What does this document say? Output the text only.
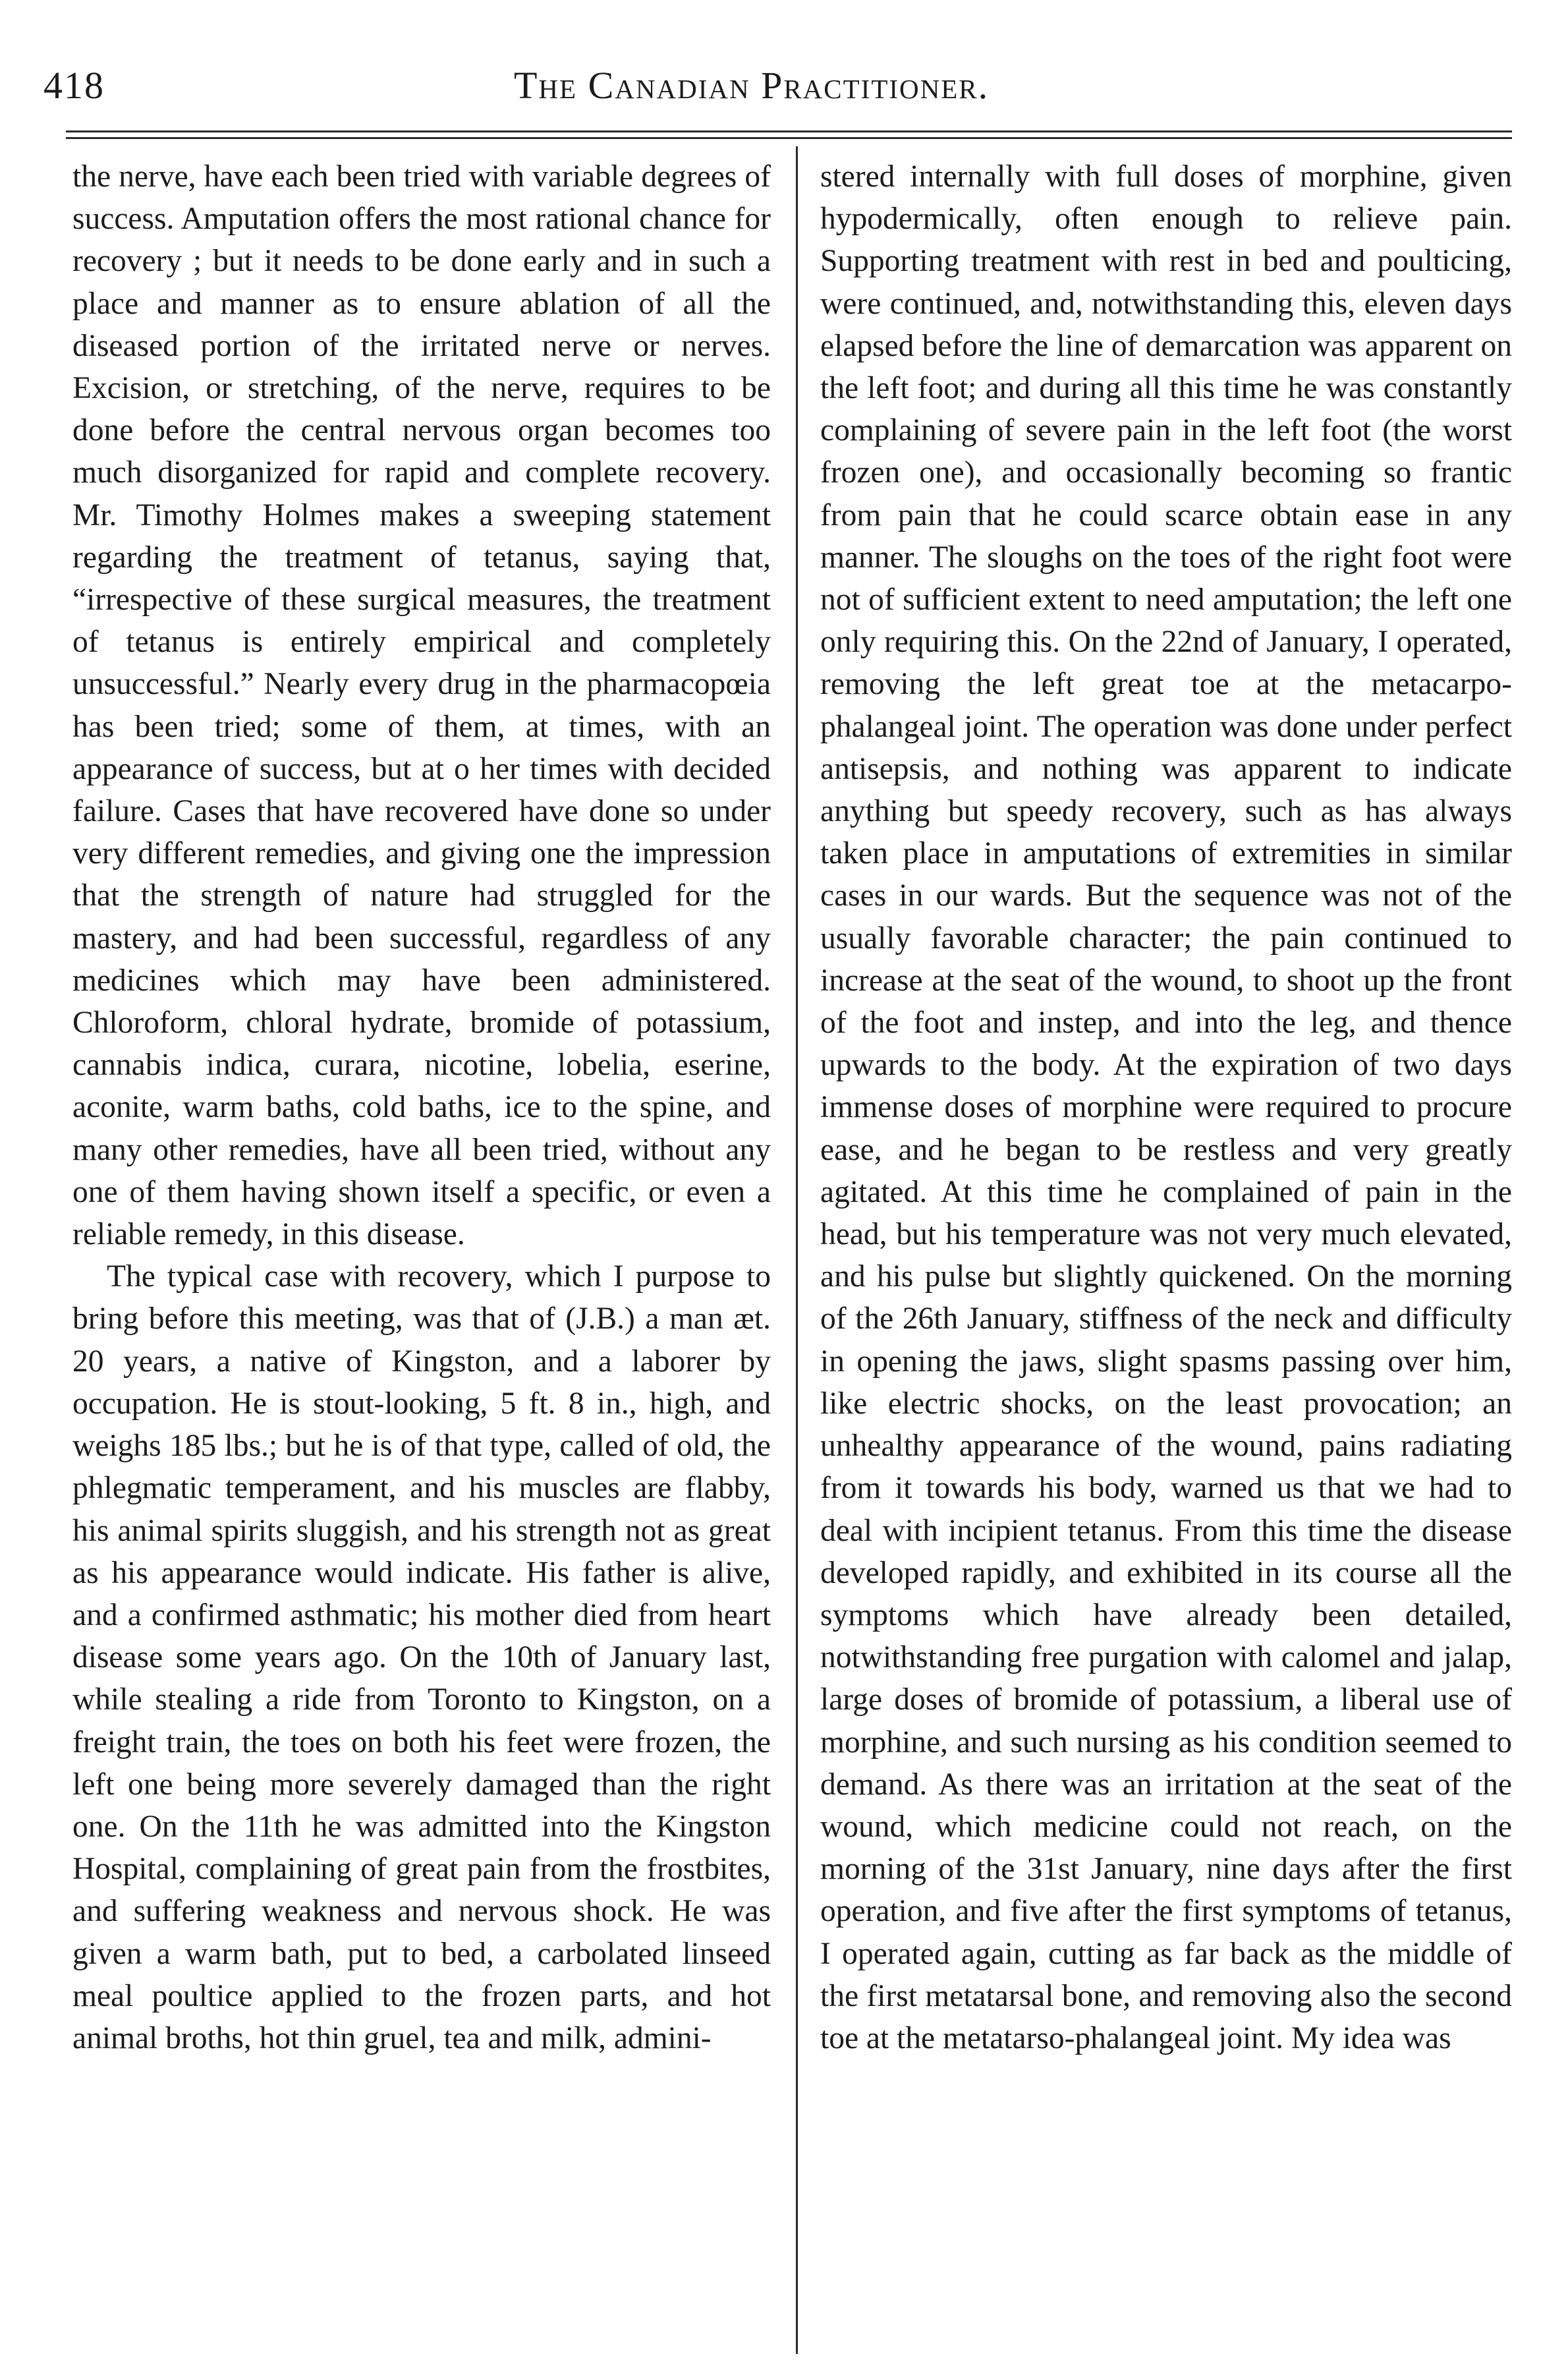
418	The Canadian Practitioner.

the nerve, have each been tried with variable degrees of success. Amputation offers the most rational chance for recovery ; but it needs to be done early and in such a place and manner as to ensure ablation of all the diseased portion of the irritated nerve or nerves. Excision, or stretching, of the nerve, requires to be done before the central nervous organ becomes too much disorganized for rapid and complete recovery. Mr. Timothy Holmes makes a sweeping statement regarding the treatment of tetanus, saying that, “irrespective of these surgical measures, the treatment of tetanus is entirely empirical and completely unsuccessful.” Nearly every drug in the pharmacopœia has been tried; some of them, at times, with an appearance of success, but at o her times with decided failure. Cases that have recovered have done so under very different remedies, and giving one the impression that the strength of nature had struggled for the mastery, and had been successful, regardless of any medicines which may have been administered. Chloroform, chloral hydrate, bromide of potassium, cannabis indica, curara, nicotine, lobelia, eserine, aconite, warm baths, cold baths, ice to the spine, and many other remedies, have all been tried, without any one of them having shown itself a specific, or even a reliable remedy, in this disease.

The typical case with recovery, which I purpose to bring before this meeting, was that of (J.B.) a man æt. 20 years, a native of Kingston, and a laborer by occupation. He is stout-looking, 5 ft. 8 in., high, and weighs 185 lbs.; but he is of that type, called of old, the phlegmatic temperament, and his muscles are flabby, his animal spirits sluggish, and his strength not as great as his appearance would indicate. His father is alive, and a confirmed asthmatic; his mother died from heart disease some years ago. On the 10th of January last, while stealing a ride from Toronto to Kingston, on a freight train, the toes on both his feet were frozen, the left one being more severely damaged than the right one. On the 11th he was admitted into the Kingston Hospital, complaining of great pain from the frostbites, and suffering weakness and nervous shock. He was given a warm bath, put to bed, a carbolated linseed meal poultice applied to the frozen parts, and hot animal broths, hot thin gruel, tea and milk, admini-

stered internally with full doses of morphine, given hypodermically, often enough to relieve pain. Supporting treatment with rest in bed and poulticing, were continued, and, notwithstanding this, eleven days elapsed before the line of demarcation was apparent on the left foot; and during all this time he was constantly complaining of severe pain in the left foot (the worst frozen one), and occasionally becoming so frantic from pain that he could scarce obtain ease in any manner. The sloughs on the toes of the right foot were not of sufficient extent to need amputation; the left one only requiring this. On the 22nd of January, I operated, removing the left great toe at the metacarpo-phalangeal joint. The operation was done under perfect antisepsis, and nothing was apparent to indicate anything but speedy recovery, such as has always taken place in amputations of extremities in similar cases in our wards. But the sequence was not of the usually favorable character; the pain continued to increase at the seat of the wound, to shoot up the front of the foot and instep, and into the leg, and thence upwards to the body. At the expiration of two days immense doses of morphine were required to procure ease, and he began to be restless and very greatly agitated. At this time he complained of pain in the head, but his temperature was not very much elevated, and his pulse but slightly quickened. On the morning of the 26th January, stiffness of the neck and difficulty in opening the jaws, slight spasms passing over him, like electric shocks, on the least provocation; an unhealthy appearance of the wound, pains radiating from it towards his body, warned us that we had to deal with incipient tetanus. From this time the disease developed rapidly, and exhibited in its course all the symptoms which have already been detailed, notwithstanding free purgation with calomel and jalap, large doses of bromide of potassium, a liberal use of morphine, and such nursing as his condition seemed to demand. As there was an irritation at the seat of the wound, which medicine could not reach, on the morning of the 31st January, nine days after the first operation, and five after the first symptoms of tetanus, I operated again, cutting as far back as the middle of the first metatarsal bone, and removing also the second toe at the metatarso-phalangeal joint. My idea was
